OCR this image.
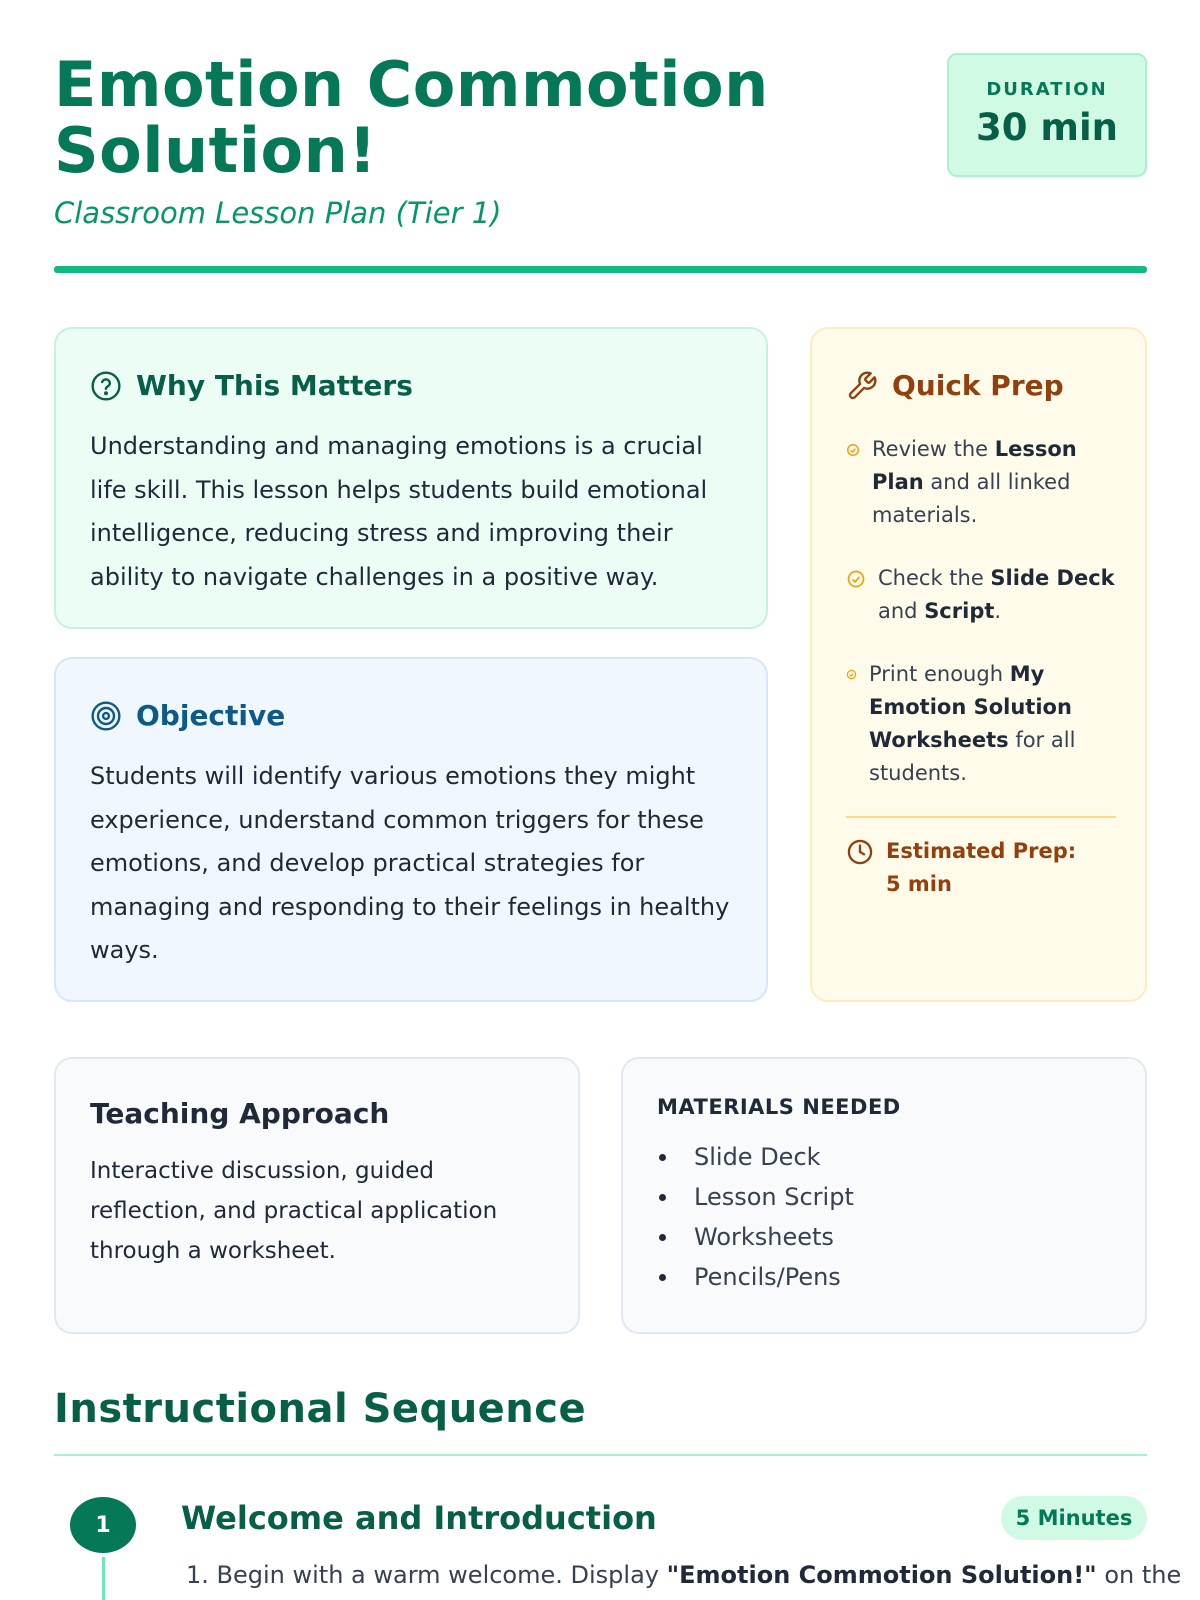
Emotion Commotion Solution!
Classroom Lesson Plan (Tier 1)
DURATION
30 min
Why This Matters

Understanding and managing emotions is a crucial life skill. This lesson helps students build emotional intelligence, reducing stress and improving their ability to navigate challenges in a positive way.

Objective

Students will identify various emotions they might experience, understand common triggers for these emotions, and develop practical strategies for managing and responding to their feelings in healthy ways.

Quick Prep
Review the Lesson Plan and all linked materials.
Check the Slide Deck and Script.
Print enough My Emotion Solution Worksheets for all students.
Estimated Prep: 5 min
Teaching Approach

Interactive discussion, guided reflection, and practical application through a worksheet.

MATERIALS NEEDED
Slide Deck
Lesson Script
Worksheets
Pencils/Pens
Instructional Sequence
1	Welcome and Introduction	5 Minutes
1. Begin with a warm welcome. Display "Emotion Commotion Solution!" on the
